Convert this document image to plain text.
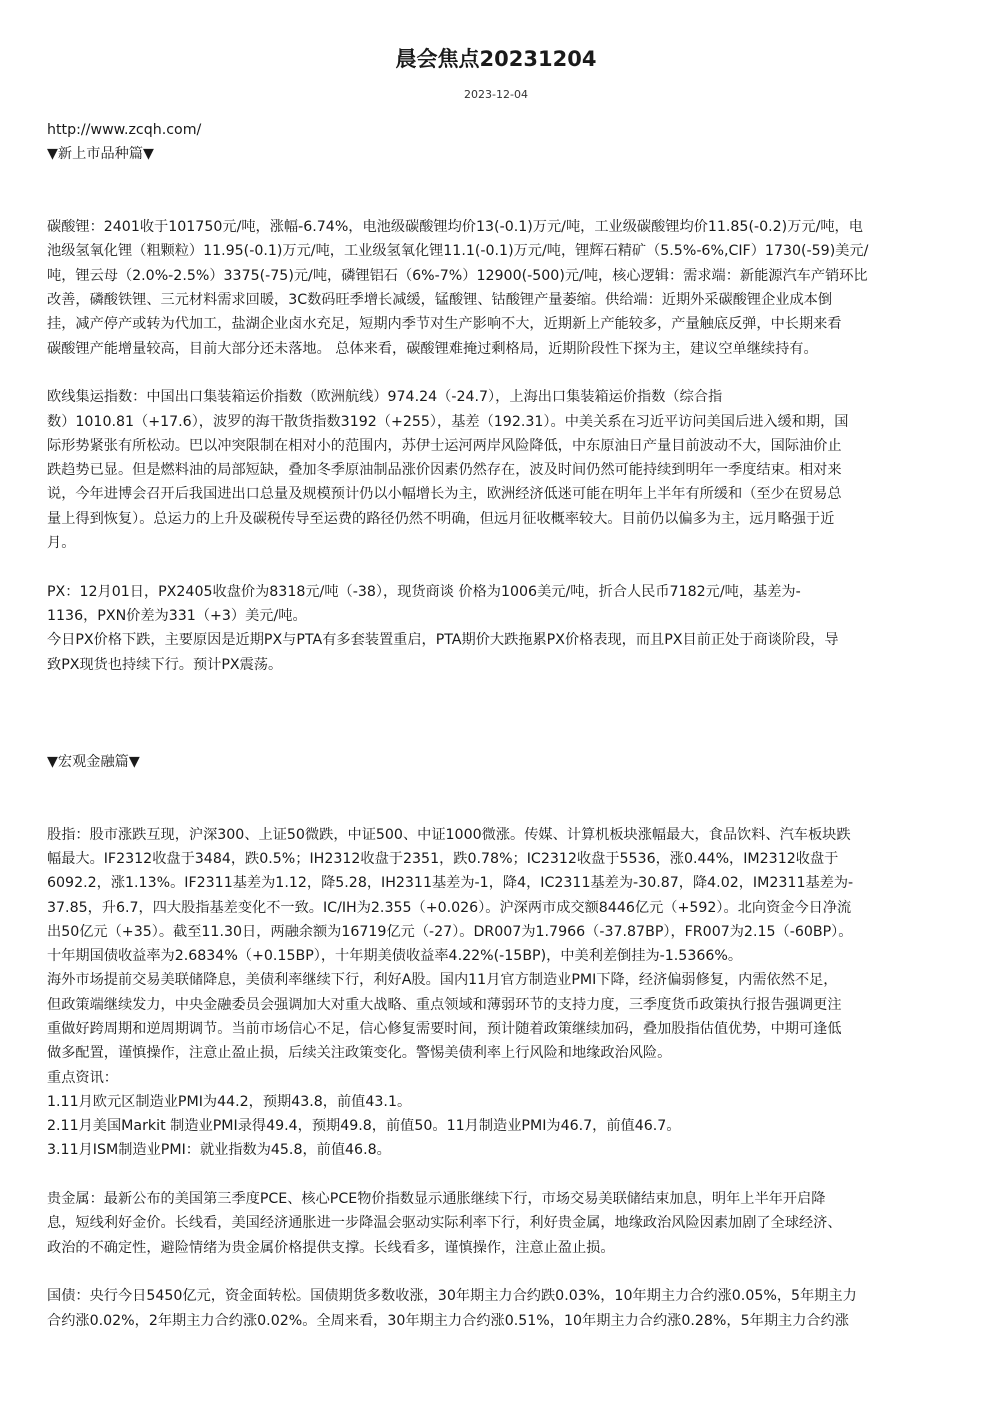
晨会焦点20231204
2023-12-04
http://www.zcqh.com/
▼新上市品种篇▼
碳酸锂：2401收于101750元/吨，涨幅-6.74%，电池级碳酸锂均价13(-0.1)万元/吨，工业级碳酸锂均价11.85(-0.2)万元/吨，电
池级氢氧化锂（粗颗粒）11.95(-0.1)万元/吨，工业级氢氧化锂11.1(-0.1)万元/吨，锂辉石精矿（5.5%-6%,CIF）1730(-59)美元/
吨，锂云母（2.0%-2.5%）3375(-75)元/吨，磷锂铝石（6%-7%）12900(-500)元/吨，核心逻辑：需求端：新能源汽车产销环比
改善，磷酸铁锂、三元材料需求回暖，3C数码旺季增长减缓，锰酸锂、钴酸锂产量萎缩。供给端：近期外采碳酸锂企业成本倒
挂，减产停产或转为代加工，盐湖企业卤水充足，短期内季节对生产影响不大，近期新上产能较多，产量触底反弹，中长期来看
碳酸锂产能增量较高，目前大部分还未落地。 总体来看，碳酸锂难掩过剩格局，近期阶段性下探为主，建议空单继续持有。
欧线集运指数：中国出口集装箱运价指数（欧洲航线）974.24（-24.7），上海出口集装箱运价指数（综合指
数）1010.81（+17.6），波罗的海干散货指数3192（+255），基差（192.31）。中美关系在习近平访问美国后进入缓和期，国
际形势紧张有所松动。巴以冲突限制在相对小的范围内，苏伊士运河两岸风险降低，中东原油日产量目前波动不大，国际油价止
跌趋势已显。但是燃料油的局部短缺，叠加冬季原油制品涨价因素仍然存在，波及时间仍然可能持续到明年一季度结束。相对来
说，今年进博会召开后我国进出口总量及规模预计仍以小幅增长为主，欧洲经济低迷可能在明年上半年有所缓和（至少在贸易总
量上得到恢复）。总运力的上升及碳税传导至运费的路径仍然不明确，但远月征收概率较大。目前仍以偏多为主，远月略强于近
月。
PX：12月01日，PX2405收盘价为8318元/吨（-38），现货商谈 价格为1006美元/吨，折合人民币7182元/吨，基差为-
1136，PXN价差为331（+3）美元/吨。
今日PX价格下跌，主要原因是近期PX与PTA有多套装置重启，PTA期价大跌拖累PX价格表现，而且PX目前正处于商谈阶段，导
致PX现货也持续下行。预计PX震荡。
▼宏观金融篇▼
股指：股市涨跌互现，沪深300、上证50微跌，中证500、中证1000微涨。传媒、计算机板块涨幅最大，食品饮料、汽车板块跌
幅最大。IF2312收盘于3484，跌0.5%；IH2312收盘于2351，跌0.78%；IC2312收盘于5536，涨0.44%，IM2312收盘于
6092.2，涨1.13%。IF2311基差为1.12，降5.28，IH2311基差为-1，降4，IC2311基差为-30.87，降4.02，IM2311基差为-
37.85，升6.7，四大股指基差变化不一致。IC/IH为2.355（+0.026）。沪深两市成交额8446亿元（+592）。北向资金今日净流
出50亿元（+35）。截至11.30日，两融余额为16719亿元（-27）。DR007为1.7966（-37.87BP），FR007为2.15（-60BP）。
十年期国债收益率为2.6834%（+0.15BP），十年期美债收益率4.22%(-15BP)，中美利差倒挂为-1.5366%。
海外市场提前交易美联储降息，美债利率继续下行，利好A股。国内11月官方制造业PMI下降，经济偏弱修复，内需依然不足，
但政策端继续发力，中央金融委员会强调加大对重大战略、重点领域和薄弱环节的支持力度，三季度货币政策执行报告强调更注
重做好跨周期和逆周期调节。当前市场信心不足，信心修复需要时间，预计随着政策继续加码，叠加股指估值优势，中期可逢低
做多配置，谨慎操作，注意止盈止损，后续关注政策变化。警惕美债利率上行风险和地缘政治风险。
重点资讯：
1.11月欧元区制造业PMI为44.2，预期43.8，前值43.1。
2.11月美国Markit 制造业PMI录得49.4，预期49.8，前值50。11月制造业PMI为46.7，前值46.7。
3.11月ISM制造业PMI：就业指数为45.8，前值46.8。
贵金属：最新公布的美国第三季度PCE、核心PCE物价指数显示通胀继续下行，市场交易美联储结束加息，明年上半年开启降
息，短线利好金价。长线看，美国经济通胀进一步降温会驱动实际利率下行，利好贵金属，地缘政治风险因素加剧了全球经济、
政治的不确定性，避险情绪为贵金属价格提供支撑。长线看多，谨慎操作，注意止盈止损。
国债：央行今日5450亿元，资金面转松。国债期货多数收涨，30年期主力合约跌0.03%，10年期主力合约涨0.05%，5年期主力
合约涨0.02%，2年期主力合约涨0.02%。全周来看，30年期主力合约涨0.51%，10年期主力合约涨0.28%，5年期主力合约涨
